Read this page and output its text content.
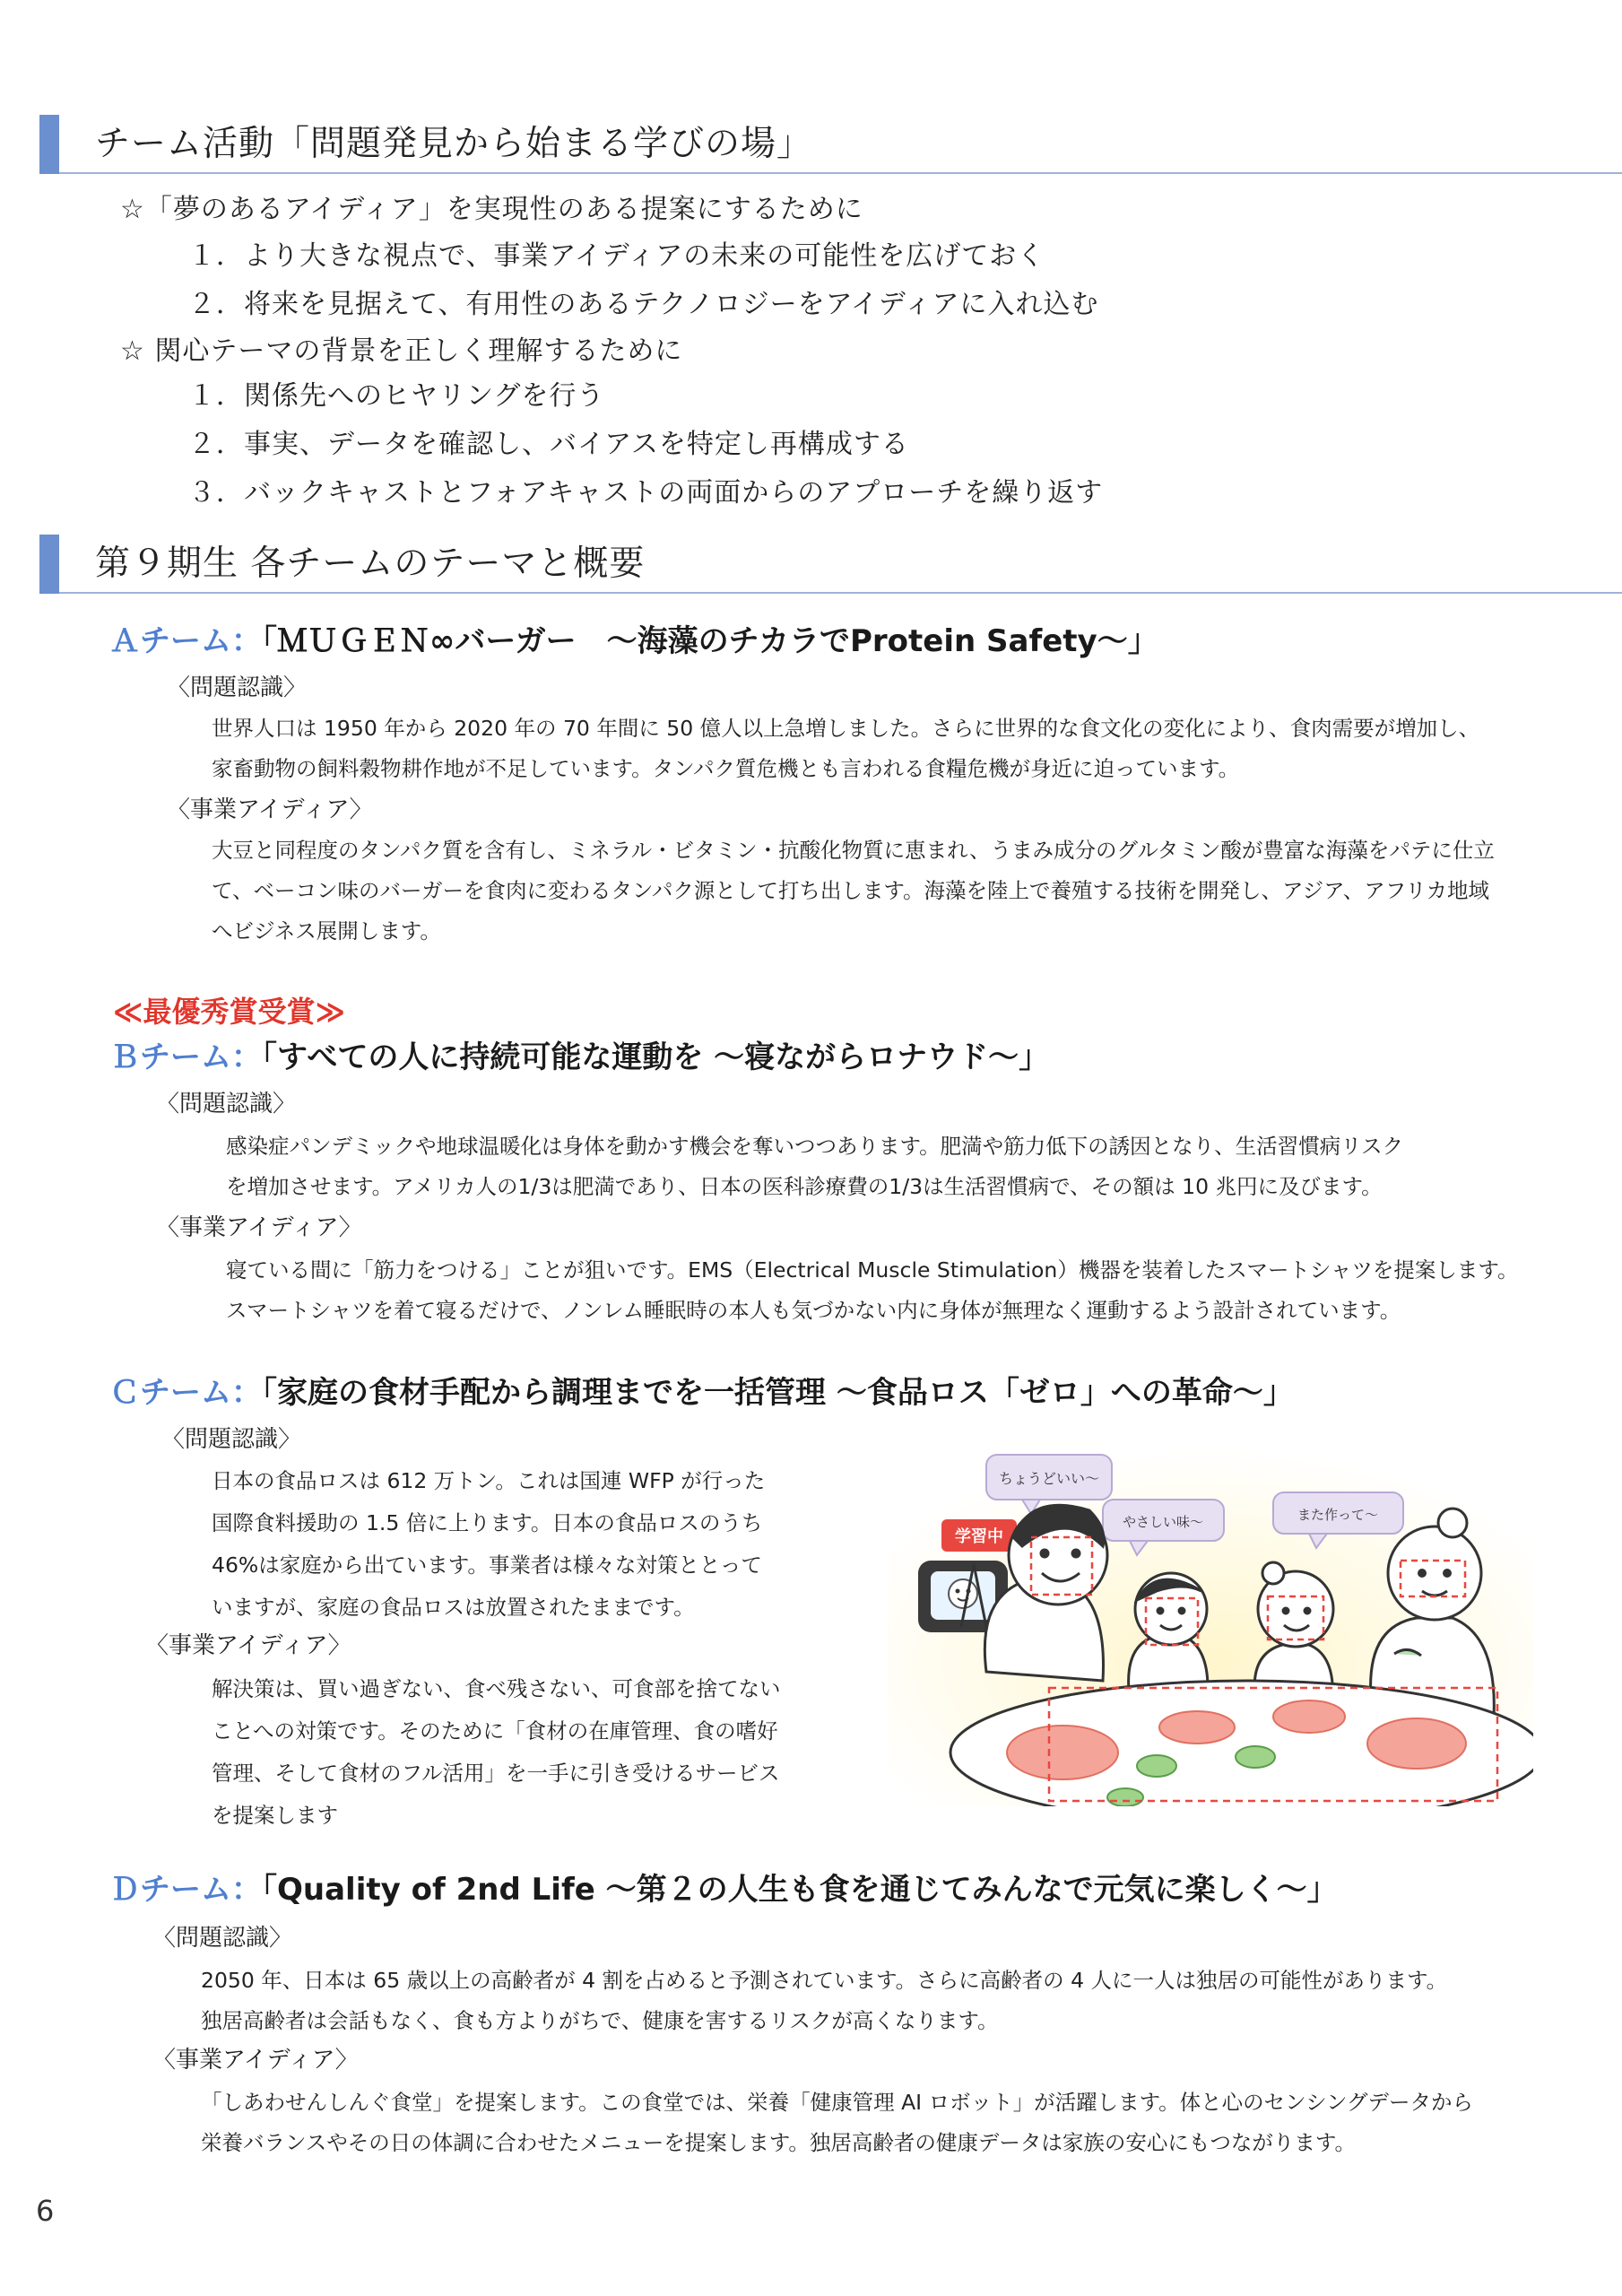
チーム活動「問題発見から始まる学びの場」
☆「夢のあるアイディア」を実現性のある提案にするために
１．より大きな視点で、事業アイディアの未来の可能性を広げておく
２．将来を見据えて、有用性のあるテクノロジーをアイディアに入れ込む
☆ 関心テーマの背景を正しく理解するために
１．関係先へのヒヤリングを行う
２．事実、データを確認し、バイアスを特定し再構成する
３．バックキャストとフォアキャストの両面からのアプローチを繰り返す
第９期生 各チームのテーマと概要
Ａチーム：「ＭＵＧＥＮ∞バーガー　～海藻のチカラでProtein Safety～」
〈問題認識〉
世界人口は 1950 年から 2020 年の 70 年間に 50 億人以上急増しました。さらに世界的な食文化の変化により、食肉需要が増加し、
家畜動物の飼料穀物耕作地が不足しています。タンパク質危機とも言われる食糧危機が身近に迫っています。
〈事業アイディア〉
大豆と同程度のタンパク質を含有し、ミネラル・ビタミン・抗酸化物質に恵まれ、うまみ成分のグルタミン酸が豊富な海藻をパテに仕立
て、ベーコン味のバーガーを食肉に変わるタンパク源として打ち出します。海藻を陸上で養殖する技術を開発し、アジア、アフリカ地域
へビジネス展開します。
≪最優秀賞受賞≫
Ｂチーム：「すべての人に持続可能な運動を ～寝ながらロナウド～」
〈問題認識〉
感染症パンデミックや地球温暖化は身体を動かす機会を奪いつつあります。肥満や筋力低下の誘因となり、生活習慣病リスク
を増加させます。アメリカ人の1/3は肥満であり、日本の医科診療費の1/3は生活習慣病で、その額は 10 兆円に及びます。
〈事業アイディア〉
寝ている間に「筋力をつける」ことが狙いです。EMS（Electrical Muscle Stimulation）機器を装着したスマートシャツを提案します。
スマートシャツを着て寝るだけで、ノンレム睡眠時の本人も気づかない内に身体が無理なく運動するよう設計されています。
Ｃチーム：「家庭の食材手配から調理までを一括管理 ～食品ロス「ゼロ」への革命～」
〈問題認識〉
日本の食品ロスは 612 万トン。これは国連 WFP が行った
国際食料援助の 1.5 倍に上ります。日本の食品ロスのうち
46%は家庭から出ています。事業者は様々な対策ととって
いますが、家庭の食品ロスは放置されたままです。
〈事業アイディア〉
解決策は、買い過ぎない、食べ残さない、可食部を捨てない
ことへの対策です。そのために「食材の在庫管理、食の嗜好
管理、そして食材のフル活用」を一手に引き受けるサービス
を提案します
ちょうどいい～
やさしい味～	また作って～
学習中
Ｄチーム：「Quality of 2nd Life ～第２の人生も食を通じてみんなで元気に楽しく～」
〈問題認識〉
2050 年、日本は 65 歳以上の高齢者が 4 割を占めると予測されています。さらに高齢者の 4 人に一人は独居の可能性があります。
独居高齢者は会話もなく、食も方よりがちで、健康を害するリスクが高くなります。
〈事業アイディア〉
「しあわせんしんぐ食堂」を提案します。この食堂では、栄養「健康管理 AI ロボット」が活躍します。体と心のセンシングデータから
栄養バランスやその日の体調に合わせたメニューを提案します。独居高齢者の健康データは家族の安心にもつながります。
6
